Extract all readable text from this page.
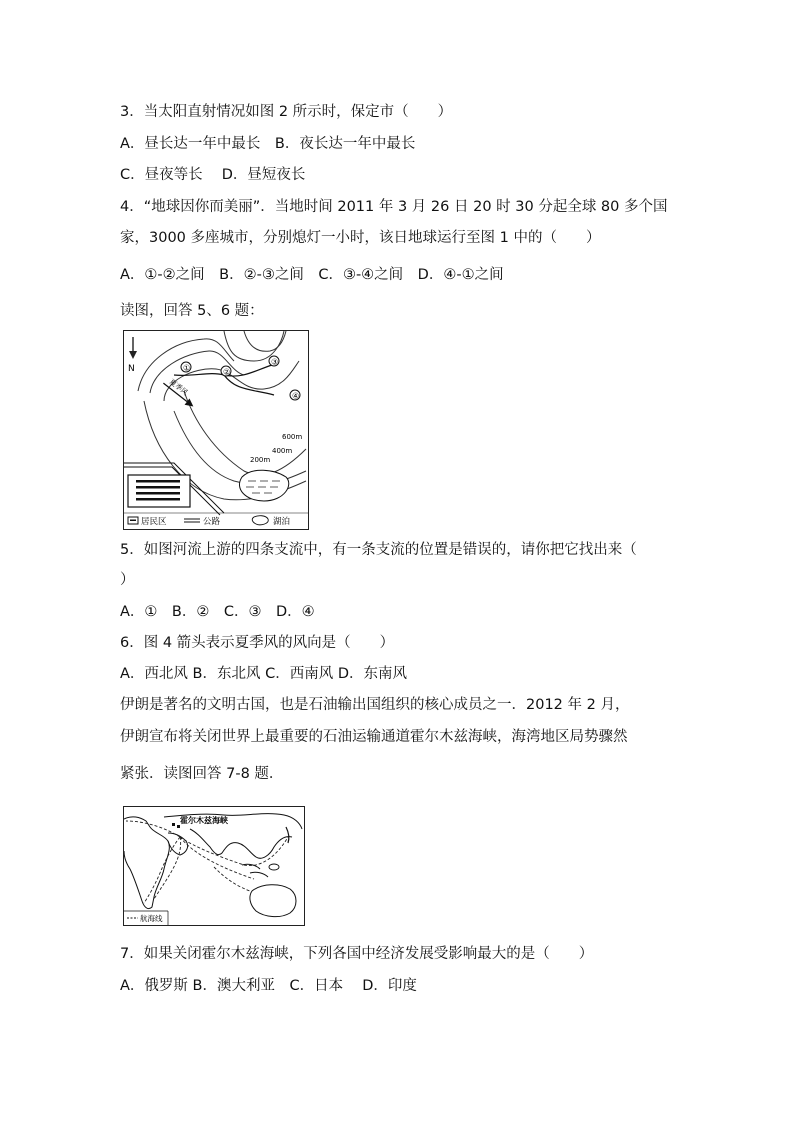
3．当太阳直射情况如图 2 所示时，保定市（　　）
A．昼长达一年中最长　B．夜长达一年中最长
C．昼夜等长　 D．昼短夜长
4．“地球因你而美丽”．当地时间 2011 年 3 月 26 日 20 时 30 分起全球 80 多个国
家，3000 多座城市，分别熄灯一小时，该日地球运行至图 1 中的（　　）
A．①-②之间　B．②-③之间　C．③-④之间　D．④-①之间
读图，回答 5、6 题：
N	①	②
③
④
夏季风
600m
400m
200m
居民区	公路	湖泊
5．如图河流上游的四条支流中，有一条支流的位置是错误的，请你把它找出来（
）
A．①　B．②　C．③　D．④
6．图 4 箭头表示夏季风的风向是（　　）
A．西北风 B．东北风 C．西南风 D．东南风
伊朗是著名的文明古国，也是石油输出国组织的核心成员之一．2012 年 2 月，
伊朗宣布将关闭世界上最重要的石油运输通道霍尔木兹海峡，海湾地区局势骤然
紧张．读图回答 7-8 题．
霍尔木兹海峡
航海线
7．如果关闭霍尔木兹海峡，下列各国中经济发展受影响最大的是（　　）
A．俄罗斯 B．澳大利亚　C．日本　 D．印度
